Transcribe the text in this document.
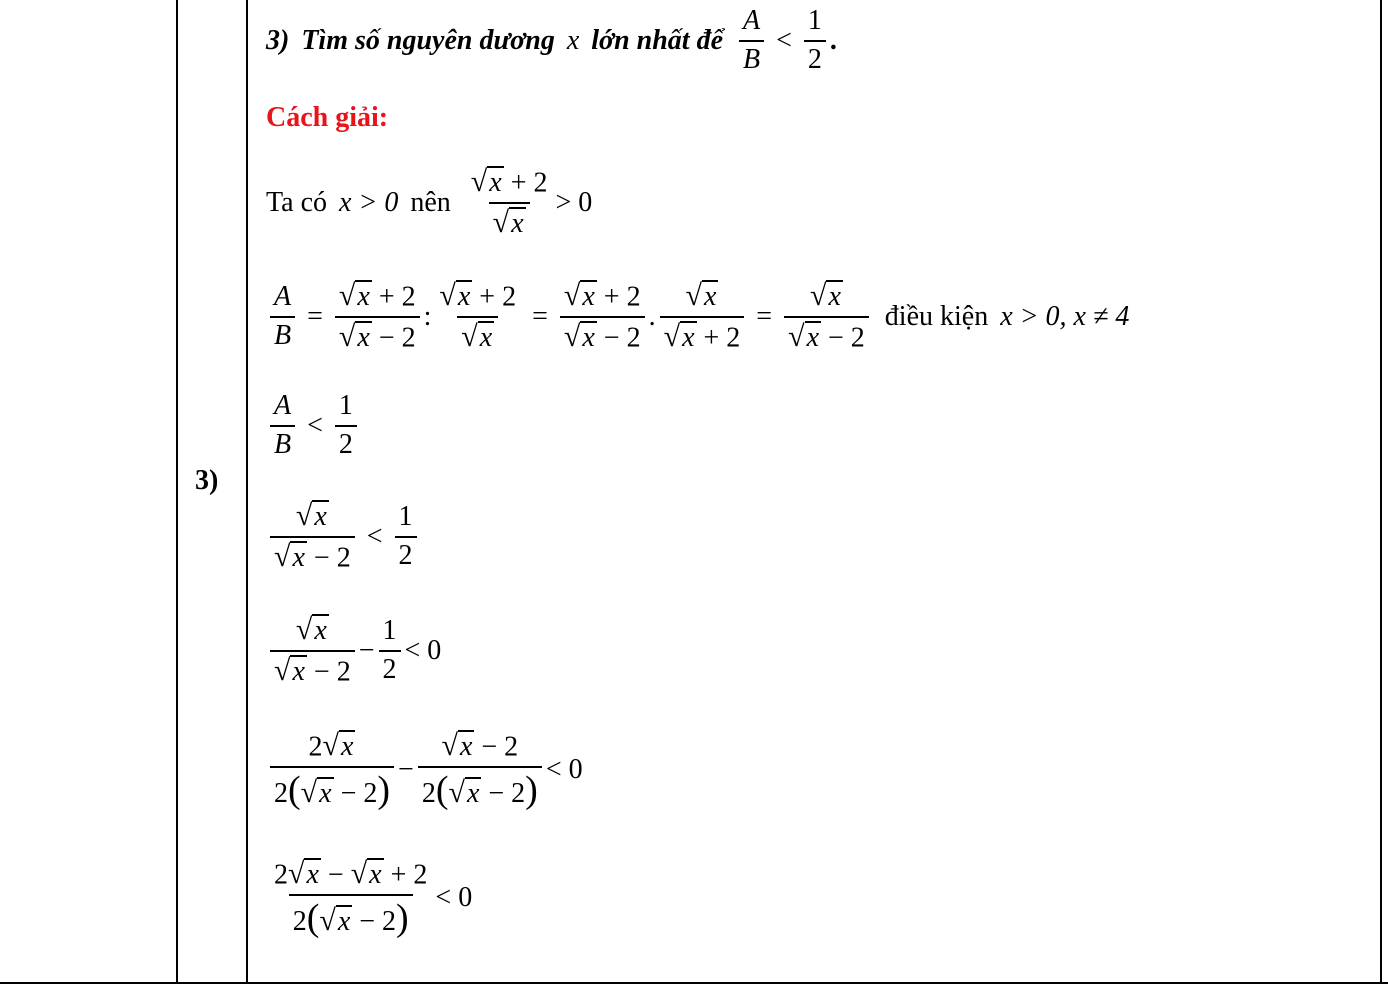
3)
3) Tìm số nguyên dương x lớn nhất để $\frac{A}{B} < \frac{1}{2}$ .
Cách giải:
Ta có x > 0 nên $\frac{√ x + 2}{√ x} > 0$
$\frac{A}{B} = \frac{√ x + 2}{√ x - 2}$ : $\frac{√ x + 2}{√ x} = \frac{√ x + 2}{√ x - 2}$ . $\frac{√ x}{√ x + 2} = \frac{√ x}{√ x - 2}$ điều kiện x > 0, x ≠ 4
$\frac{A}{B} < \frac{1}{2}$
$\frac{√ x}{√ x - 2} < \frac{1}{2}$
$\frac{√ x}{√ x - 2} - \frac{1}{2} < 0$
$\frac{2 √ x}{2( √ x - 2)} - \frac{√ x - 2}{2( √ x - 2)} < 0$
$\frac{2 √ x - √ x + 2}{2( √ x - 2)} < 0$
